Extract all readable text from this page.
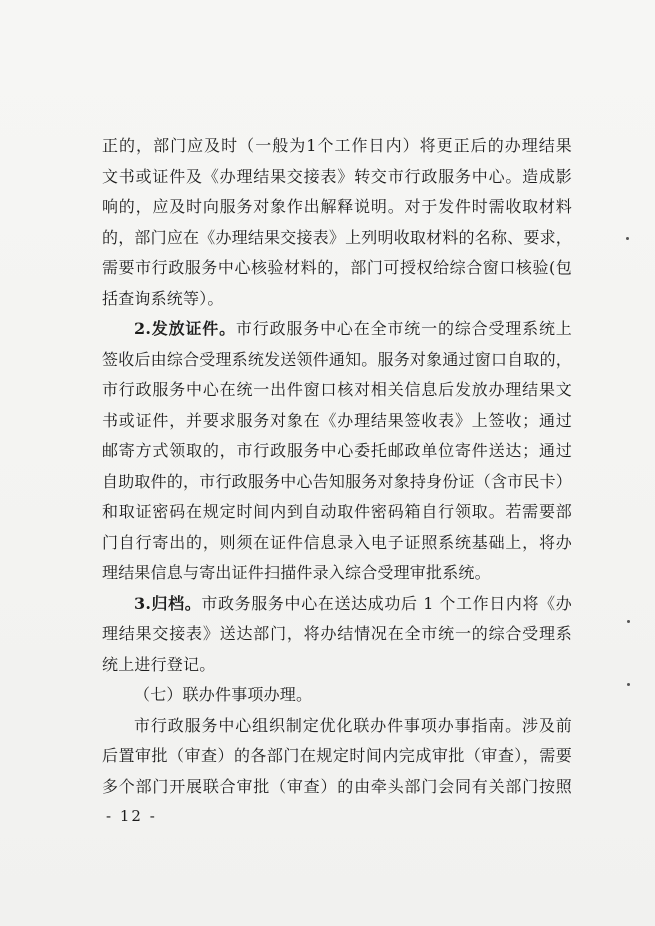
正的，部门应及时（一般为1个工作日内）将更正后的办理结果
文书或证件及《办理结果交接表》转交市行政服务中心。造成影
响的，应及时向服务对象作出解释说明。对于发件时需收取材料
的，部门应在《办理结果交接表》上列明收取材料的名称、要求，
需要市行政服务中心核验材料的，部门可授权给综合窗口核验(包
括查询系统等）。
2.发放证件。市行政服务中心在全市统一的综合受理系统上
签收后由综合受理系统发送领件通知。服务对象通过窗口自取的，
市行政服务中心在统一出件窗口核对相关信息后发放办理结果文
书或证件，并要求服务对象在《办理结果签收表》上签收；通过
邮寄方式领取的，市行政服务中心委托邮政单位寄件送达；通过
自助取件的，市行政服务中心告知服务对象持身份证（含市民卡）
和取证密码在规定时间内到自动取件密码箱自行领取。若需要部
门自行寄出的，则须在证件信息录入电子证照系统基础上，将办
理结果信息与寄出证件扫描件录入综合受理审批系统。
3.归档。市政务服务中心在送达成功后 1 个工作日内将《办
理结果交接表》送达部门，将办结情况在全市统一的综合受理系
统上进行登记。
（七）联办件事项办理。
市行政服务中心组织制定优化联办件事项办事指南。涉及前
后置审批（审查）的各部门在规定时间内完成审批（审查），需要
多个部门开展联合审批（审查）的由牵头部门会同有关部门按照
- 12 -
